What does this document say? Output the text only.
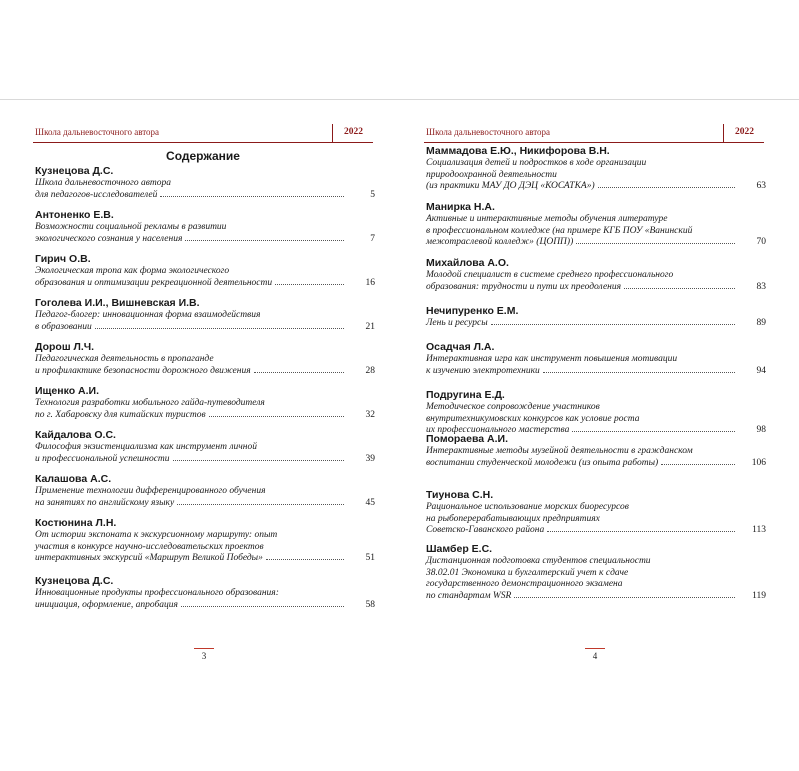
Школа дальневосточного автора	2022
Содержание
Кузнецова Д.С.
Школа дальневосточного автора
для педагогов-исследователей	5
Антоненко Е.В.
Возможности социальной рекламы в развитии
экологического сознания у населения	7
Гирич О.В.
Экологическая тропа как форма экологического
образования и оптимизации рекреационной деятельности	16
Гоголева И.И., Вишневская И.В.
Педагог-блогер: инновационная форма взаимодействия
в образовании	21
Дорош Л.Ч.
Педагогическая деятельность в пропаганде
и профилактике безопасности дорожного движения	28
Ищенко А.И.
Технология разработки мобильного гайда-путеводителя
по г. Хабаровску для китайских туристов	32
Кайдалова О.С.
Философия экзистенциализма как инструмент личной
и профессиональной успешности	39
Калашова А.С.
Применение технологии дифференцированного обучения
на занятиях по английскому языку	45
Костюнина Л.Н.
От истории экспоната к экскурсионному маршруту: опыт
участия в конкурсе научно-исследовательских проектов
интерактивных экскурсий «Маршрут Великой Победы»	51
Кузнецова Д.С.
Инновационные продукты профессионального образования:
инициация, оформление, апробация	58
Школа дальневосточного автора	2022
Маммадова Е.Ю., Никифорова В.Н.
Социализация детей и подростков в ходе организации
природоохранной деятельности
(из практики МАУ ДО ДЭЦ «КОСАТКА»)	63
Манирка Н.А.
Активные и интерактивные методы обучения литературе
в профессиональном колледже (на примере КГБ ПОУ «Ванинский
межотраслевой колледж» (ЦОПП))	70
Михайлова А.О.
Молодой специалист в системе среднего профессионального
образования: трудности и пути их преодоления	83
Нечипуренко Е.М.
Лень и ресурсы	89
Осадчая Л.А.
Интерактивная игра как инструмент повышения мотивации
к изучению электротехники	94
Подругина Е.Д.
Методическое сопровождение участников
внутритехникумовских конкурсов как условие роста
их профессионального мастерства	98
Поморaева А.И.
Интерактивные методы музейной деятельности в гражданском
воспитании студенческой молодежи (из опыта работы)	106
Тиунова С.Н.
Рациональное использование морских биоресурсов
на рыбоперерабатывающих предприятиях
Советско-Гаванского района	113
Шамбер Е.С.
Дистанционная подготовка студентов специальности
38.02.01 Экономика и бухгалтерский учет к сдаче
государственного демонстрационного экзамена
по стандартам WSR	119
3	4
